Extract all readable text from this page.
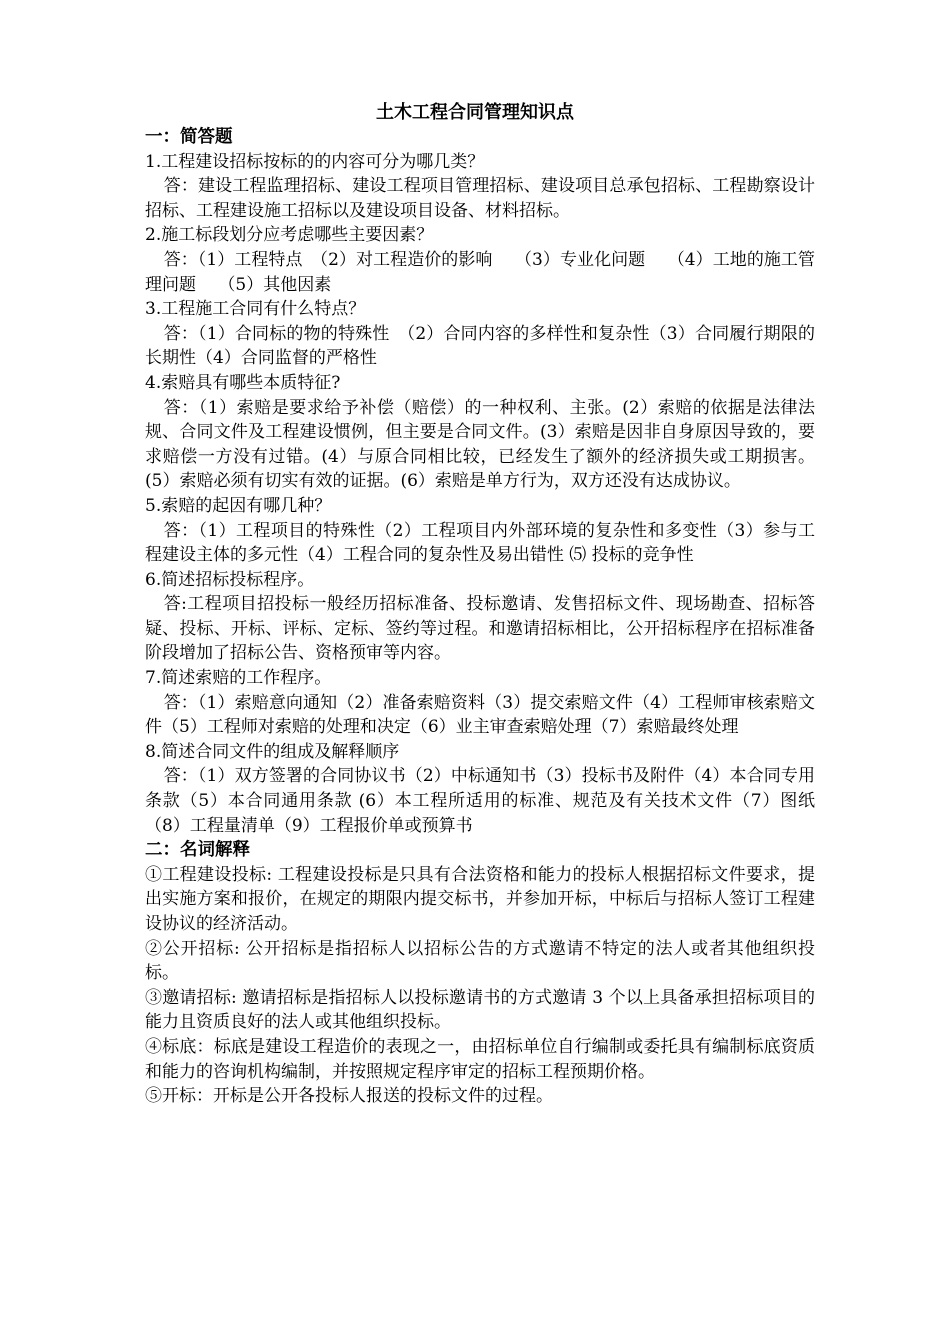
土木工程合同管理知识点

一：简答题

1.工程建设招标按标的的内容可分为哪几类？

答：建设工程监理招标、建设工程项目管理招标、建设项目总承包招标、工程勘察设计招标、工程建设施工招标以及建设项目设备、材料招标。

2.施工标段划分应考虑哪些主要因素？

答：（1）工程特点　（2）对工程造价的影响　 （3）专业化问题　 （4）工地的施工管理问题　 （5）其他因素

3.工程施工合同有什么特点？

答：（1）合同标的物的特殊性　（2）合同内容的多样性和复杂性（3）合同履行期限的长期性（4）合同监督的严格性

4.索赔具有哪些本质特征?

答：（1）索赔是要求给予补偿（赔偿）的一种权利、主张。(2）索赔的依据是法律法规、合同文件及工程建设惯例，但主要是合同文件。(3）索赔是因非自身原因导致的，要求赔偿一方没有过错。(4）与原合同相比较，已经发生了额外的经济损失或工期损害。(5）索赔必须有切实有效的证据。(6）索赔是单方行为，双方还没有达成协议。

5.索赔的起因有哪几种？

答：（1）工程项目的特殊性（2）工程项目内外部环境的复杂性和多变性（3）参与工程建设主体的多元性（4）工程合同的复杂性及易出错性 ⑸ 投标的竞争性

6.简述招标投标程序。

答:工程项目招投标一般经历招标准备、投标邀请、发售招标文件、现场勘查、招标答疑、投标、开标、评标、定标、签约等过程。和邀请招标相比，公开招标程序在招标准备阶段增加了招标公告、资格预审等内容。

7.简述索赔的工作程序。

答：（1）索赔意向通知（2）准备索赔资料（3）提交索赔文件（4）工程师审核索赔文件（5）工程师对索赔的处理和决定（6）业主审查索赔处理（7）索赔最终处理

8.简述合同文件的组成及解释顺序

答：（1）双方签署的合同协议书（2）中标通知书（3）投标书及附件（4）本合同专用条款（5）本合同通用条款 (6）本工程所适用的标准、规范及有关技术文件（7）图纸（8）工程量清单（9）工程报价单或预算书

二：名词解释

①工程建设投标: 工程建设投标是只具有合法资格和能力的投标人根据招标文件要求，提出实施方案和报价，在规定的期限内提交标书，并参加开标，中标后与招标人签订工程建设协议的经济活动。

②公开招标: 公开招标是指招标人以招标公告的方式邀请不特定的法人或者其他组织投标。

③邀请招标: 邀请招标是指招标人以投标邀请书的方式邀请 3 个以上具备承担招标项目的能力且资质良好的法人或其他组织投标。

④标底：标底是建设工程造价的表现之一，由招标单位自行编制或委托具有编制标底资质和能力的咨询机构编制，并按照规定程序审定的招标工程预期价格。

⑤开标：开标是公开各投标人报送的投标文件的过程。
